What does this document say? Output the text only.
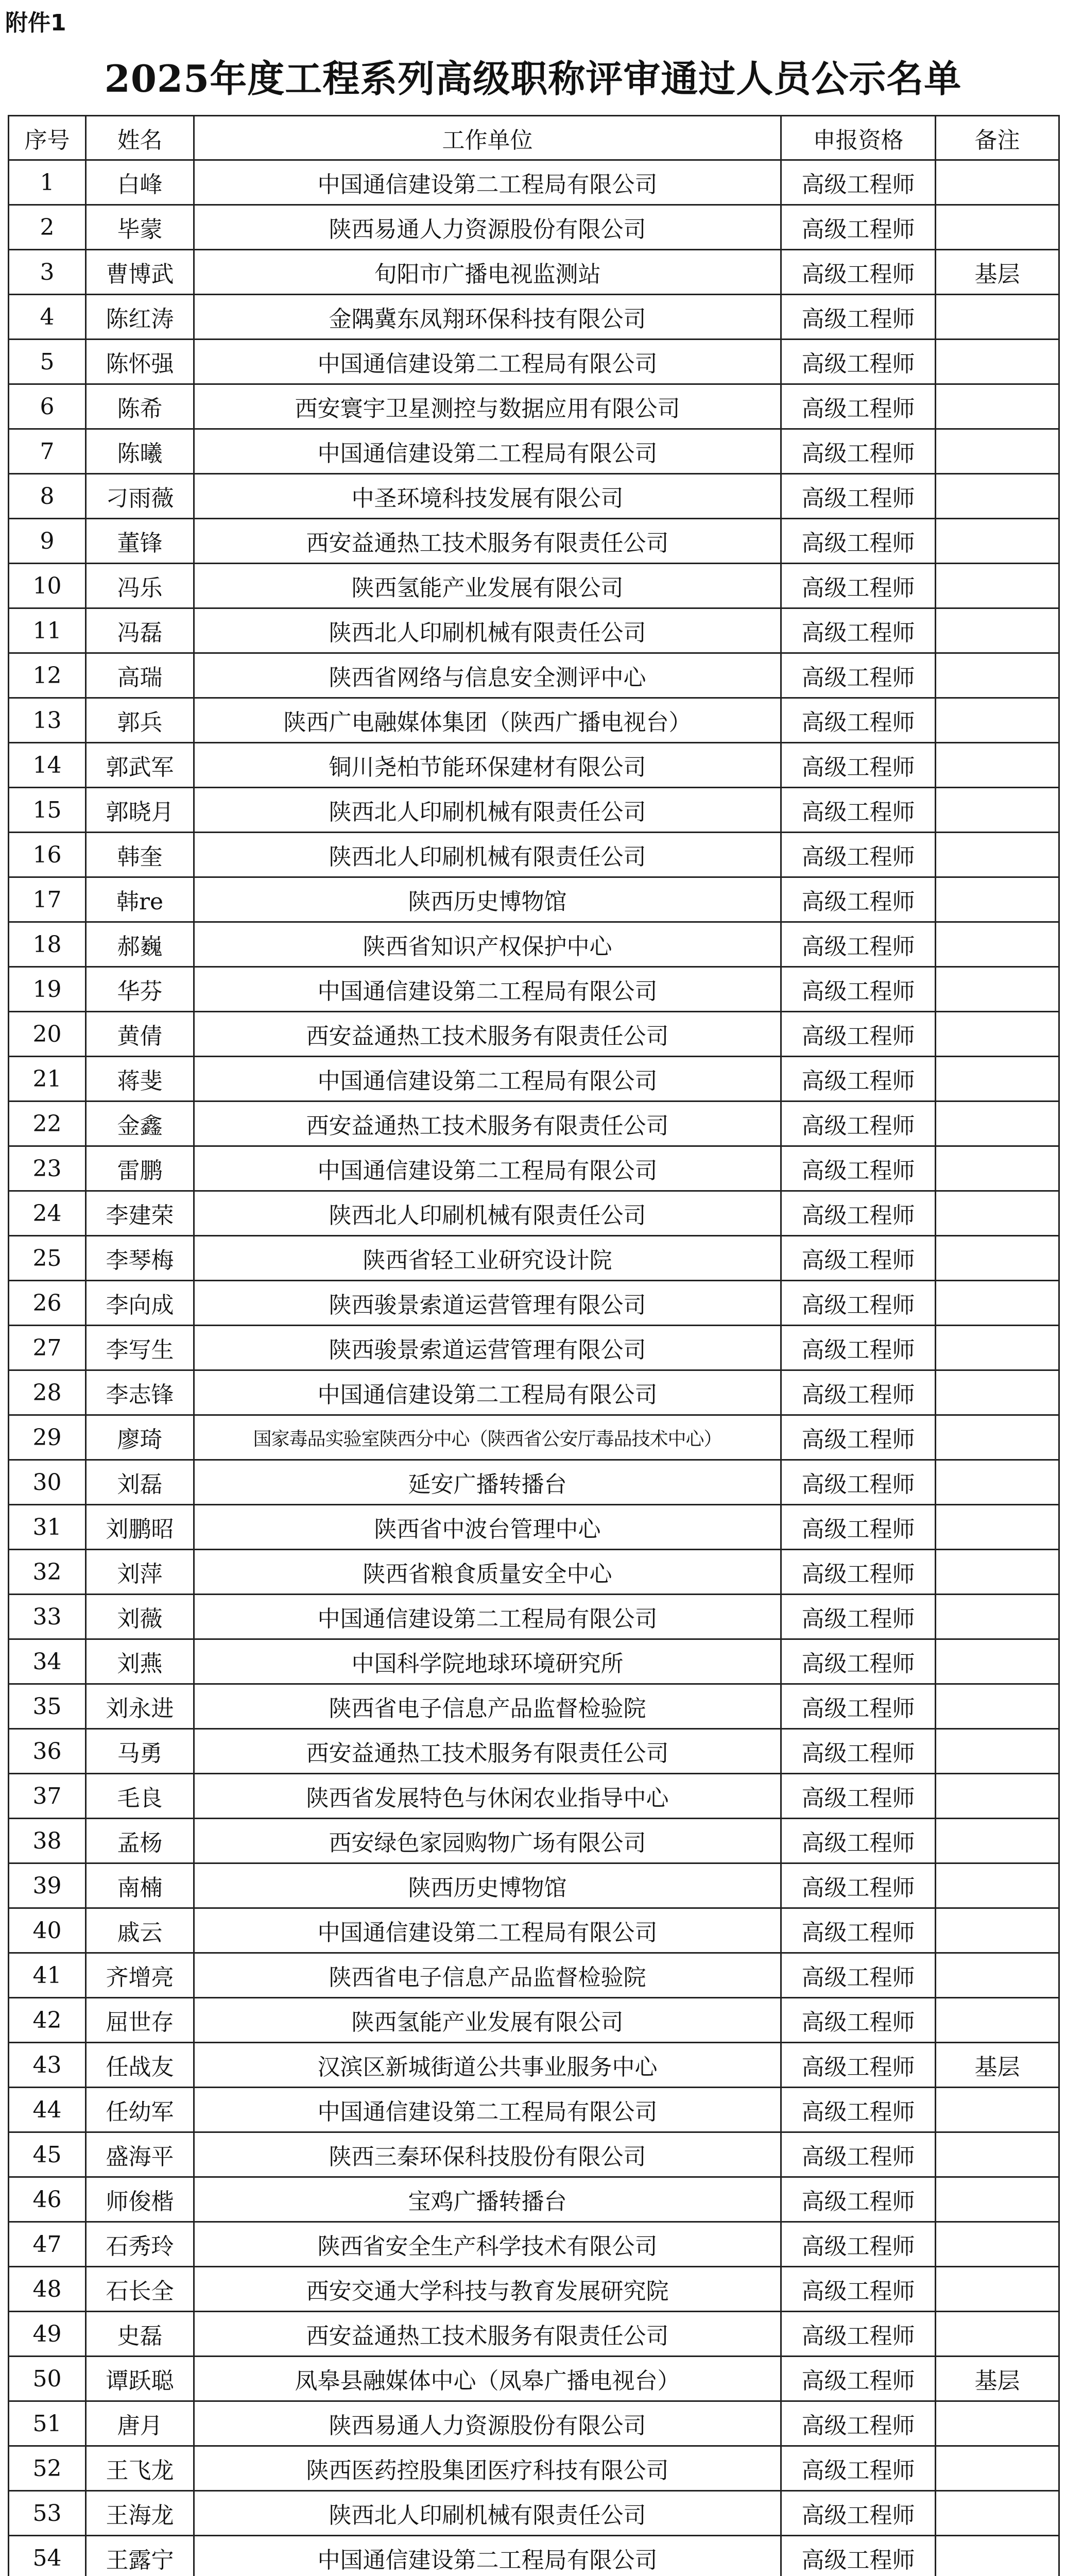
附件1
2025年度工程系列高级职称评审通过人员公示名单
序号	姓名	工作单位	申报资格	备注
1	白峰	中国通信建设第二工程局有限公司	高级工程师	
2	毕蒙	陕西易通人力资源股份有限公司	高级工程师	
3	曹博武	旬阳市广播电视监测站	高级工程师	基层
4	陈红涛	金隅冀东凤翔环保科技有限公司	高级工程师	
5	陈怀强	中国通信建设第二工程局有限公司	高级工程师	
6	陈希	西安寰宇卫星测控与数据应用有限公司	高级工程师	
7	陈曦	中国通信建设第二工程局有限公司	高级工程师	
8	刁雨薇	中圣环境科技发展有限公司	高级工程师	
9	董锋	西安益通热工技术服务有限责任公司	高级工程师	
10	冯乐	陕西氢能产业发展有限公司	高级工程师	
11	冯磊	陕西北人印刷机械有限责任公司	高级工程师	
12	高瑞	陕西省网络与信息安全测评中心	高级工程师	
13	郭兵	陕西广电融媒体集团（陕西广播电视台）	高级工程师	
14	郭武军	铜川尧柏节能环保建材有限公司	高级工程师	
15	郭晓月	陕西北人印刷机械有限责任公司	高级工程师	
16	韩奎	陕西北人印刷机械有限责任公司	高级工程师	
17	韩re	陕西历史博物馆	高级工程师	
18	郝巍	陕西省知识产权保护中心	高级工程师	
19	华芬	中国通信建设第二工程局有限公司	高级工程师	
20	黄倩	西安益通热工技术服务有限责任公司	高级工程师	
21	蒋斐	中国通信建设第二工程局有限公司	高级工程师	
22	金鑫	西安益通热工技术服务有限责任公司	高级工程师	
23	雷鹏	中国通信建设第二工程局有限公司	高级工程师	
24	李建荣	陕西北人印刷机械有限责任公司	高级工程师	
25	李琴梅	陕西省轻工业研究设计院	高级工程师	
26	李向成	陕西骏景索道运营管理有限公司	高级工程师	
27	李写生	陕西骏景索道运营管理有限公司	高级工程师	
28	李志锋	中国通信建设第二工程局有限公司	高级工程师	
29	廖琦	国家毒品实验室陕西分中心（陕西省公安厅毒品技术中心）	高级工程师	
30	刘磊	延安广播转播台	高级工程师	
31	刘鹏昭	陕西省中波台管理中心	高级工程师	
32	刘萍	陕西省粮食质量安全中心	高级工程师	
33	刘薇	中国通信建设第二工程局有限公司	高级工程师	
34	刘燕	中国科学院地球环境研究所	高级工程师	
35	刘永进	陕西省电子信息产品监督检验院	高级工程师	
36	马勇	西安益通热工技术服务有限责任公司	高级工程师	
37	毛良	陕西省发展特色与休闲农业指导中心	高级工程师	
38	孟杨	西安绿色家园购物广场有限公司	高级工程师	
39	南楠	陕西历史博物馆	高级工程师	
40	戚云	中国通信建设第二工程局有限公司	高级工程师	
41	齐增亮	陕西省电子信息产品监督检验院	高级工程师	
42	屈世存	陕西氢能产业发展有限公司	高级工程师	
43	任战友	汉滨区新城街道公共事业服务中心	高级工程师	基层
44	任幼军	中国通信建设第二工程局有限公司	高级工程师	
45	盛海平	陕西三秦环保科技股份有限公司	高级工程师	
46	师俊楷	宝鸡广播转播台	高级工程师	
47	石秀玲	陕西省安全生产科学技术有限公司	高级工程师	
48	石长全	西安交通大学科技与教育发展研究院	高级工程师	
49	史磊	西安益通热工技术服务有限责任公司	高级工程师	
50	谭跃聪	凤皋县融媒体中心（凤皋广播电视台）	高级工程师	基层
51	唐月	陕西易通人力资源股份有限公司	高级工程师	
52	王飞龙	陕西医药控股集团医疗科技有限公司	高级工程师	
53	王海龙	陕西北人印刷机械有限责任公司	高级工程师	
54	王露宁	中国通信建设第二工程局有限公司	高级工程师	
